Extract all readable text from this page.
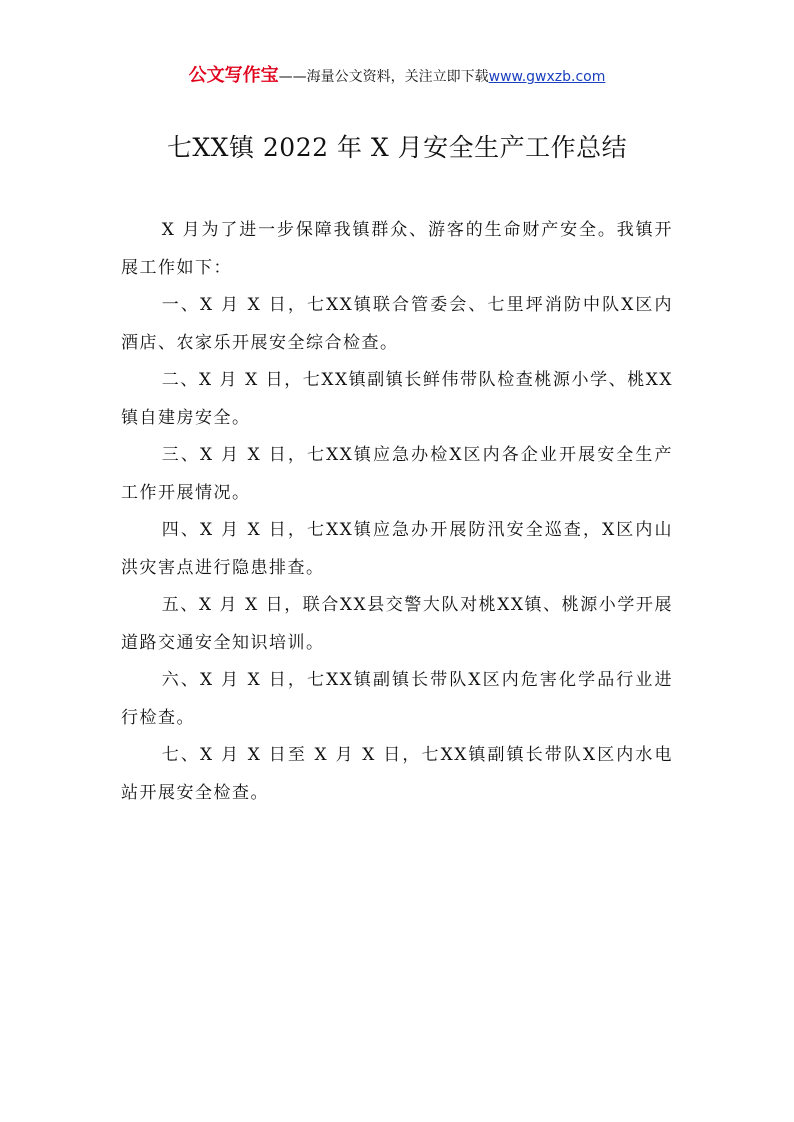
公文写作宝——海量公文资料，关注立即下载www.gwxzb.com
七XX镇 2022 年 X 月安全生产工作总结

X 月为了进一步保障我镇群众、游客的生命财产安全。我镇开展工作如下：

一、X 月 X 日，七XX镇联合管委会、七里坪消防中队X区内酒店、农家乐开展安全综合检查。

二、X 月 X 日，七XX镇副镇长鲜伟带队检查桃源小学、桃XX镇自建房安全。

三、X 月 X 日，七XX镇应急办检X区内各企业开展安全生产工作开展情况。

四、X 月 X 日，七XX镇应急办开展防汛安全巡查，X区内山洪灾害点进行隐患排查。

五、X 月 X 日，联合XX县交警大队对桃XX镇、桃源小学开展道路交通安全知识培训。

六、X 月 X 日，七XX镇副镇长带队X区内危害化学品行业进行检查。

七、X 月 X 日至 X 月 X 日，七XX镇副镇长带队X区内水电站开展安全检查。
